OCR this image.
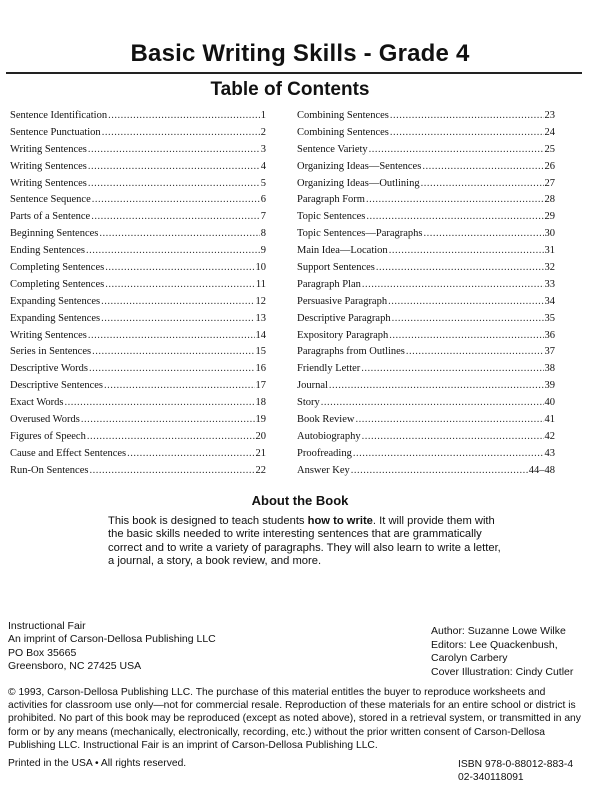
Basic Writing Skills - Grade 4
Table of Contents
Sentence Identification .....	1
Sentence Punctuation .....	2
Writing Sentences .....	3
Writing Sentences .....	4
Writing Sentences .....	5
Sentence Sequence .....	6
Parts of a Sentence .....	7
Beginning Sentences .....	8
Ending Sentences .....	9
Completing Sentences .....	10
Completing Sentences .....	11
Expanding Sentences .....	12
Expanding Sentences .....	13
Writing Sentences .....	14
Series in Sentences .....	15
Descriptive Words .....	16
Descriptive Sentences .....	17
Exact Words .....	18
Overused Words .....	19
Figures of Speech .....	20
Cause and Effect Sentences .....	21
Run-On Sentences .....	22
Combining Sentences .....	23
Combining Sentences .....	24
Sentence Variety .....	25
Organizing Ideas—Sentences .....	26
Organizing Ideas—Outlining .....	27
Paragraph Form .....	28
Topic Sentences .....	29
Topic Sentences—Paragraphs .....	30
Main Idea—Location .....	31
Support Sentences .....	32
Paragraph Plan .....	33
Persuasive Paragraph .....	34
Descriptive Paragraph .....	35
Expository Paragraph .....	36
Paragraphs from Outlines .....	37
Friendly Letter .....	38
Journal .....	39
Story .....	40
Book Review .....	41
Autobiography .....	42
Proofreading .....	43
Answer Key .....	44–48
About the Book
This book is designed to teach students how to write. It will provide them with the basic skills needed to write interesting sentences that are grammatically correct and to write a variety of paragraphs. They will also learn to write a letter, a journal, a story, a book review, and more.
Instructional Fair
An imprint of Carson-Dellosa Publishing LLC
PO Box 35665
Greensboro, NC 27425 USA
Author: Suzanne Lowe Wilke
Editors: Lee Quackenbush,
Carolyn Carbery
Cover Illustration: Cindy Cutler
© 1993, Carson-Dellosa Publishing LLC. The purchase of this material entitles the buyer to reproduce worksheets and activities for classroom use only—not for commercial resale. Reproduction of these materials for an entire school or district is prohibited. No part of this book may be reproduced (except as noted above), stored in a retrieval system, or transmitted in any form or by any means (mechanically, electronically, recording, etc.) without the prior written consent of Carson-Dellosa Publishing LLC. Instructional Fair is an imprint of Carson-Dellosa Publishing LLC.
Printed in the USA • All rights reserved.	ISBN 978-0-88012-883-4
02-340118091
